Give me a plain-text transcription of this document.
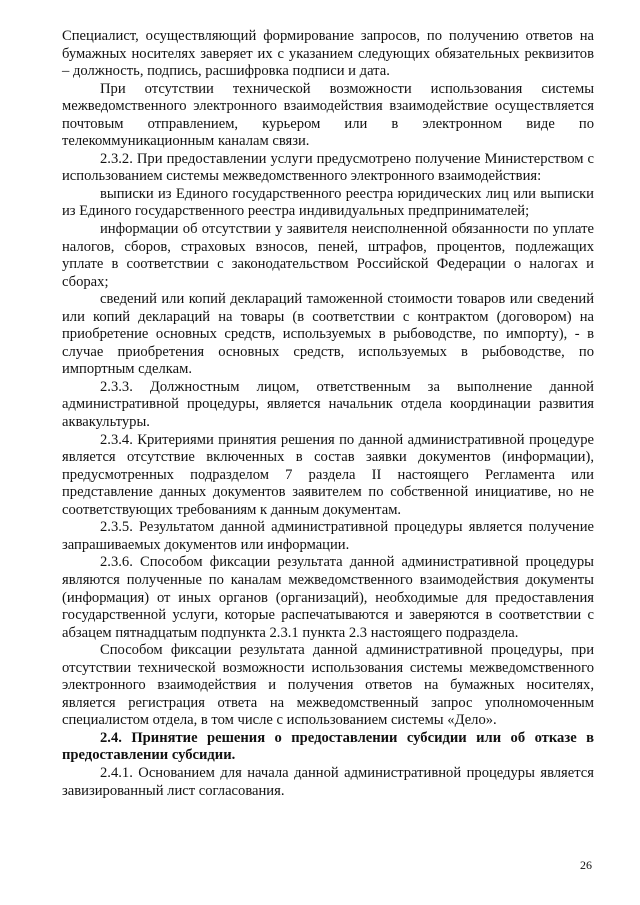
Специалист, осуществляющий формирование запросов, по получению ответов на бумажных носителях заверяет их с указанием следующих обязательных реквизитов – должность, подпись, расшифровка подписи и дата.

При отсутствии технической возможности использования системы межведомственного электронного взаимодействия взаимодействие осуществляется почтовым отправлением, курьером или в электронном виде по телекоммуникационным каналам связи.

2.3.2. При предоставлении услуги предусмотрено получение Министерством с использованием системы межведомственного электронного взаимодействия:

выписки из Единого государственного реестра юридических лиц или выписки из Единого государственного реестра индивидуальных предпринимателей;

информации об отсутствии у заявителя неисполненной обязанности по уплате налогов, сборов, страховых взносов, пеней, штрафов, процентов, подлежащих уплате в соответствии с законодательством Российской Федерации о налогах и сборах;

сведений или копий деклараций таможенной стоимости товаров или сведений или копий деклараций на товары (в соответствии с контрактом (договором) на приобретение основных средств, используемых в рыбоводстве, по импорту), - в случае приобретения основных средств, используемых в рыбоводстве, по импортным сделкам.

2.3.3. Должностным лицом, ответственным за выполнение данной административной процедуры, является начальник отдела координации развития аквакультуры.

2.3.4. Критериями принятия решения по данной административной процедурe является отсутствие включенных в состав заявки документов (информации), предусмотренных подразделом 7 раздела II настоящего Регламента или представление данных документов заявителем по собственной инициативе, но не соответствующих требованиям к данным документам.

2.3.5. Результатом данной административной процедуры является получение запрашиваемых документов или информации.

2.3.6. Способом фиксации результата данной административной процедуры являются полученные по каналам межведомственного взаимодействия документы (информация) от иных органов (организаций), необходимые для предоставления государственной услуги, которые распечатываются и заверяются в соответствии с абзацем пятнадцатым подпункта 2.3.1 пункта 2.3 настоящего подраздела.

Способом фиксации результата данной административной процедуры, при отсутствии технической возможности использования системы межведомственного электронного взаимодействия и получения ответов на бумажных носителях, является регистрация ответа на межведомственный запрос уполномоченным специалистом отдела, в том числе с использованием системы «Дело».

2.4. Принятие решения о предоставлении субсидии или об отказе в предоставлении субсидии.

2.4.1. Основанием для начала данной административной процедуры является завизированный лист согласования.

26
